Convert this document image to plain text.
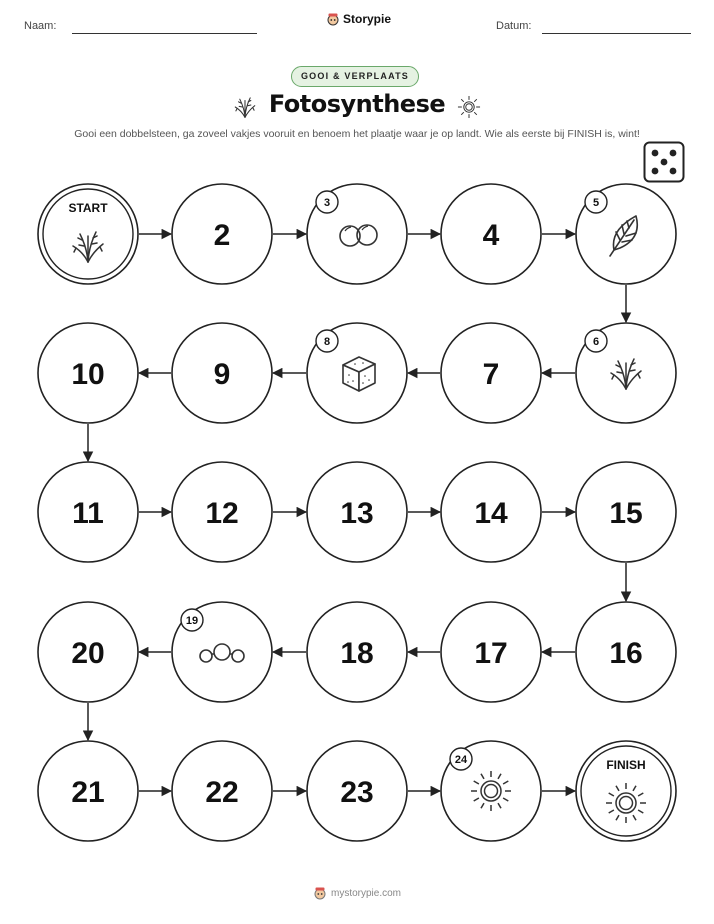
Naam:	Storypie	Datum:
GOOI & VERPLAATS
Fotosynthese
Gooi een dobbelsteen, ga zoveel vakjes vooruit en benoem het plaatje waar je op landt. Wie als eerste bij FINISH is, wint!
START
2
3
4
5
6
7
8
9
10
11	12	13	14	15
16
17
18
19
20
21	22	23
24	FINISH
mystorypie.com
